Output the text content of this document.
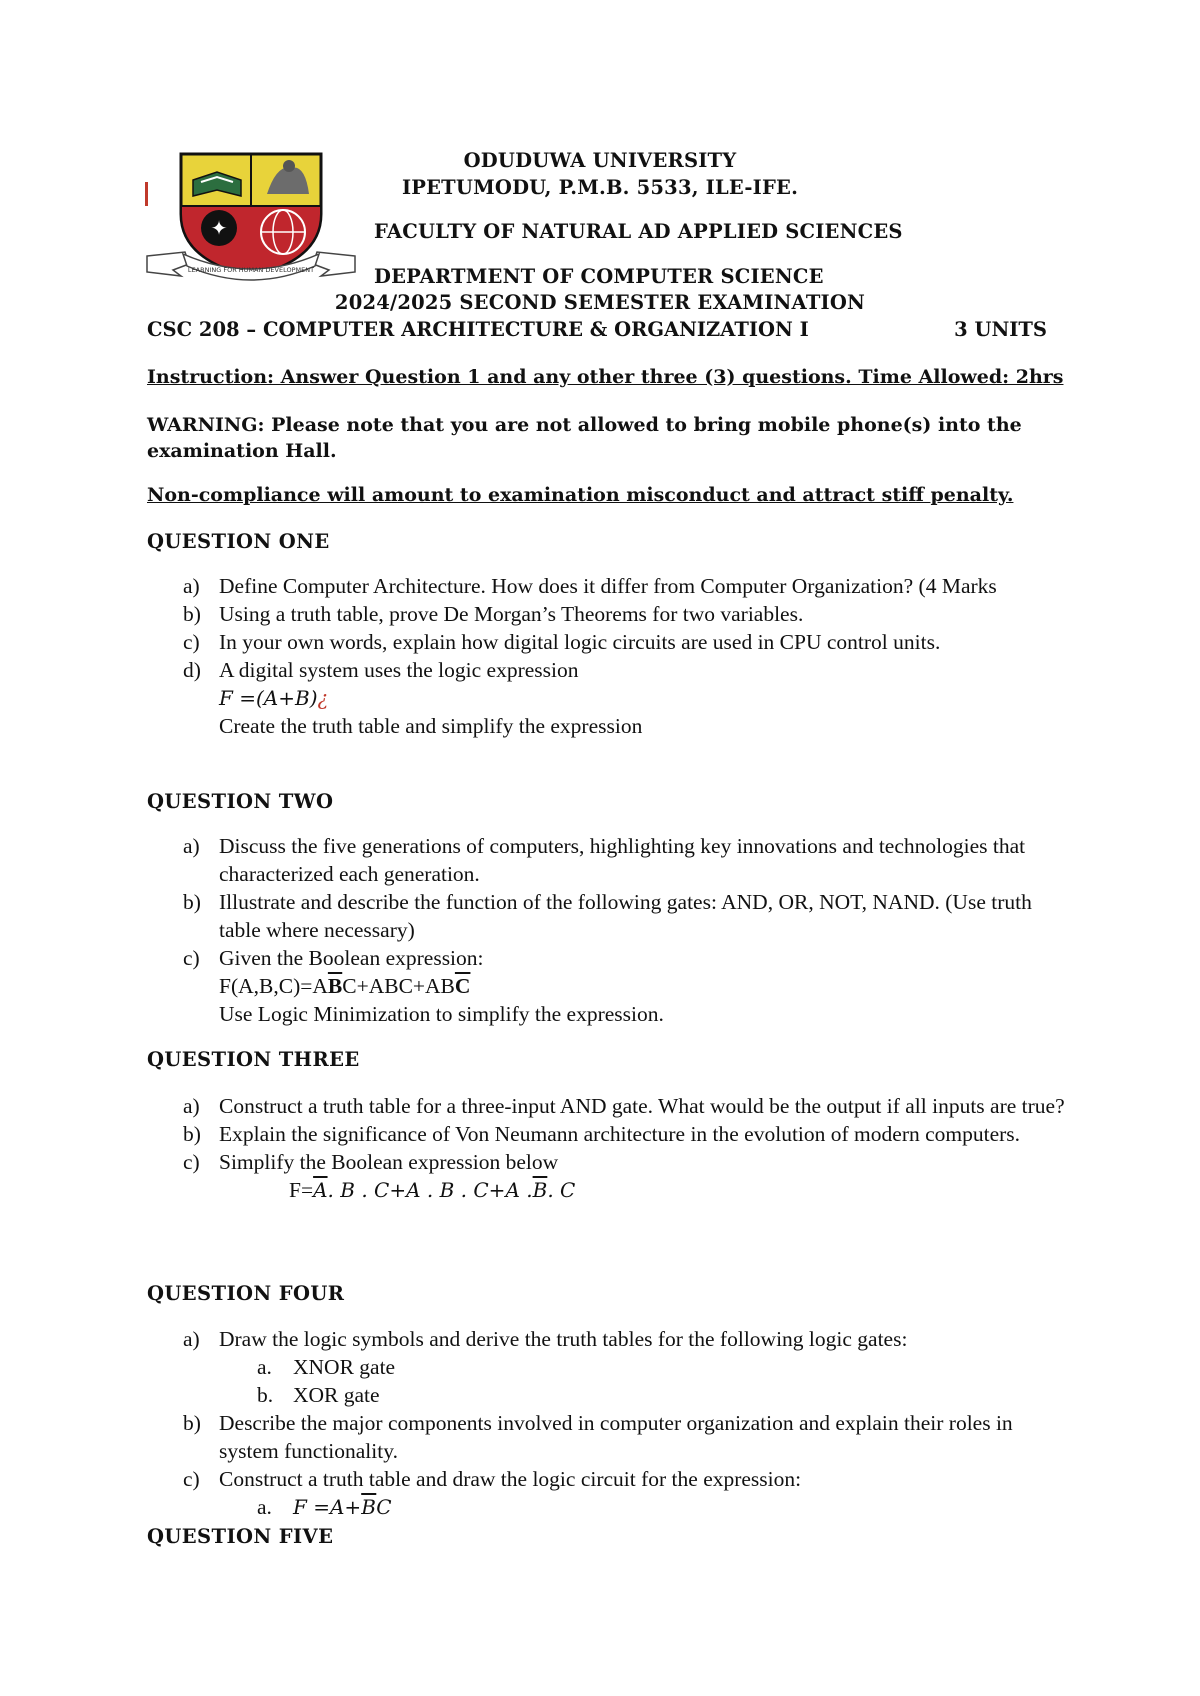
✦
LEARNING FOR HUMAN DEVELOPMENT
ODUDUWA UNIVERSITY
IPETUMODU, P.M.B. 5533, ILE-IFE.
FACULTY OF NATURAL AD APPLIED SCIENCES
DEPARTMENT OF COMPUTER SCIENCE
2024/2025 SECOND SEMESTER EXAMINATION
CSC 208 – COMPUTER ARCHITECTURE & ORGANIZATION I	3 UNITS
Instruction: Answer Question 1 and any other three (3) questions. Time Allowed: 2hrs
WARNING: Please note that you are not allowed to bring mobile phone(s) into the examination Hall.
Non-compliance will amount to examination misconduct and attract stiff penalty.
QUESTION ONE
a) Define Computer Architecture. How does it differ from Computer Organization? (4 Marks
b) Using a truth table, prove De Morgan’s Theorems for two variables.
c) In your own words, explain how digital logic circuits are used in CPU control units.
d) A digital system uses the logic expression
F =(A+B)¿
Create the truth table and simplify the expression
QUESTION TWO
a) Discuss the five generations of computers, highlighting key innovations and technologies that characterized each generation.
b) Illustrate and describe the function of the following gates: AND, OR, NOT, NAND. (Use truth table where necessary)
c) Given the Boolean expression:
$F(A,B,C)=A\overline{B}C+ABC+AB\overline{C}$
Use Logic Minimization to simplify the expression.
QUESTION THREE
a) Construct a truth table for a three-input AND gate. What would be the output if all inputs are true?
b) Explain the significance of Von Neumann architecture in the evolution of modern computers.
c) Simplify the Boolean expression below
$F=\overline{A}$. B . C+A . B . C+A $.\overline{B}$. C
QUESTION FOUR
a) Draw the logic symbols and derive the truth tables for the following logic gates:
a. XNOR gate
b. XOR gate
b) Describe the major components involved in computer organization and explain their roles in system functionality.
c) Construct a truth table and draw the logic circuit for the expression:
a. $F =A+\overline{B}C$
QUESTION FIVE
